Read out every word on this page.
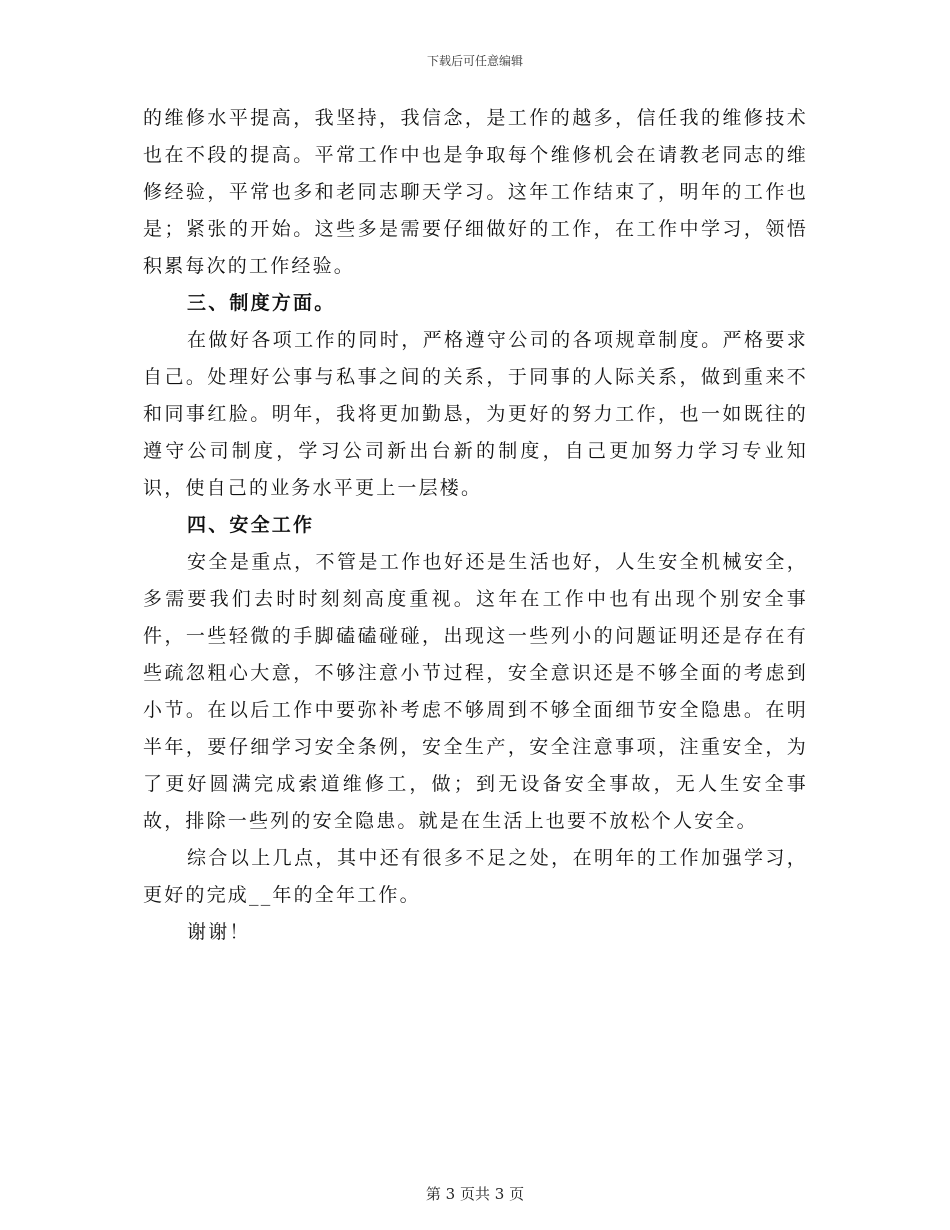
下载后可任意编辑

的维修水平提高，我坚持，我信念，是工作的越多，信任我的维修技术也在不段的提高。平常工作中也是争取每个维修机会在请教老同志的维修经验，平常也多和老同志聊天学习。这年工作结束了，明年的工作也是；紧张的开始。这些多是需要仔细做好的工作，在工作中学习，领悟积累每次的工作经验。

三、制度方面。

在做好各项工作的同时，严格遵守公司的各项规章制度。严格要求自己。处理好公事与私事之间的关系，于同事的人际关系，做到重来不和同事红脸。明年，我将更加勤恳，为更好的努力工作，也一如既往的遵守公司制度，学习公司新出台新的制度，自己更加努力学习专业知识，使自己的业务水平更上一层楼。

四、安全工作

安全是重点，不管是工作也好还是生活也好，人生安全机械安全，多需要我们去时时刻刻高度重视。这年在工作中也有出现个别安全事件，一些轻微的手脚磕磕碰碰，出现这一些列小的问题证明还是存在有些疏忽粗心大意，不够注意小节过程，安全意识还是不够全面的考虑到小节。在以后工作中要弥补考虑不够周到不够全面细节安全隐患。在明半年，要仔细学习安全条例，安全生产，安全注意事项，注重安全，为了更好圆满完成索道维修工，做；到无设备安全事故，无人生安全事故，排除一些列的安全隐患。就是在生活上也要不放松个人安全。

综合以上几点，其中还有很多不足之处，在明年的工作加强学习，更好的完成__年的全年工作。

谢谢！

第 3 页共 3 页
